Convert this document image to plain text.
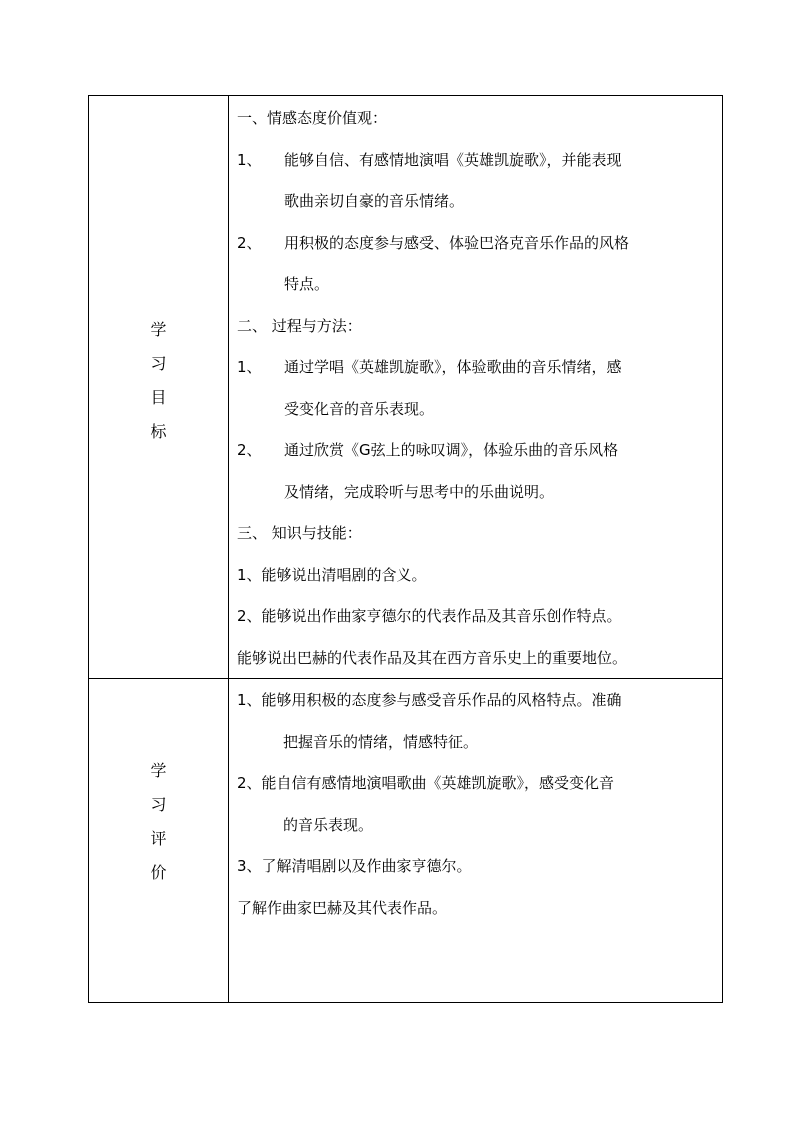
学
习
目
标
一、情感态度价值观：
1、 能够自信、有感情地演唱《英雄凯旋歌》，并能表现
歌曲亲切自豪的音乐情绪。
2、 用积极的态度参与感受、体验巴洛克音乐作品的风格
特点。
二、 过程与方法：
1、 通过学唱《英雄凯旋歌》，体验歌曲的音乐情绪，感
受变化音的音乐表现。
2、 通过欣赏《G弦上的咏叹调》，体验乐曲的音乐风格
及情绪，完成聆听与思考中的乐曲说明。
三、 知识与技能：
1、能够说出清唱剧的含义。
2、能够说出作曲家亨德尔的代表作品及其音乐创作特点。
能够说出巴赫的代表作品及其在西方音乐史上的重要地位。
学
习
评
价
1、能够用积极的态度参与感受音乐作品的风格特点。准确
把握音乐的情绪，情感特征。
2、能自信有感情地演唱歌曲《英雄凯旋歌》，感受变化音
的音乐表现。
3、了解清唱剧以及作曲家亨德尔。
了解作曲家巴赫及其代表作品。
